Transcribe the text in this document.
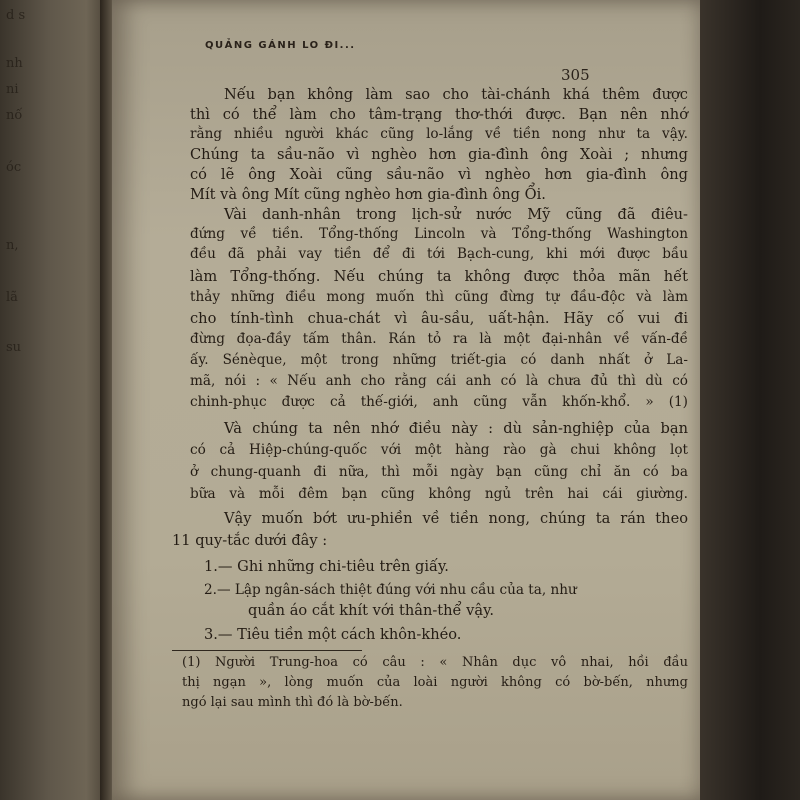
d s
nh
ni
nố
óc
n,
lã
su
QUẢNG GÁNH LO ĐI...
305
Nếu bạn không làm sao cho tài-chánh khá thêm được
thì có thể làm cho tâm-trạng thơ-thới được. Bạn nên nhớ
rằng nhiều người khác cũng lo-lắng về tiền nong như ta vậy.
Chúng ta sầu-não vì nghèo hơn gia-đình ông Xoài ; nhưng
có lẽ ông Xoài cũng sầu-não vì nghèo hơn gia-đình ông
Mít và ông Mít cũng nghèo hơn gia-đình ông Ổi.
Vài danh-nhân trong lịch-sử nước Mỹ cũng đã điêu-
đứng về tiền. Tổng-thống Lincoln và Tổng-thống Washington
đều đã phải vay tiền để đi tới Bạch-cung, khi mới được bầu
làm Tổng-thống. Nếu chúng ta không được thỏa mãn hết
thảy những điều mong muốn thì cũng đừng tự đầu-độc và làm
cho tính-tình chua-chát vì âu-sầu, uất-hận. Hãy cố vui đi
đừng đọa-đầy tấm thân. Rán tỏ ra là một đại-nhân về vấn-đề
ấy. Sénèque, một trong những triết-gia có danh nhất ở La-
mã, nói : « Nếu anh cho rằng cái anh có là chưa đủ thì dù có
chinh-phục được cả thế-giới, anh cũng vẫn khốn-khổ. » (1)
Và chúng ta nên nhớ điều này : dù sản-nghiệp của bạn
có cả Hiệp-chúng-quốc với một hàng rào gà chui không lọt
ở chung-quanh đi nữa, thì mỗi ngày bạn cũng chỉ ăn có ba
bữa và mỗi đêm bạn cũng không ngủ trên hai cái giường.
Vậy muốn bớt ưu-phiền về tiền nong, chúng ta rán theo
11 quy-tắc dưới đây :
1.— Ghi những chi-tiêu trên giấy.
2.— Lập ngân-sách thiệt đúng với nhu cầu của ta, như
quần áo cắt khít với thân-thể vậy.
3.— Tiêu tiền một cách khôn-khéo.
(1) Người Trung-hoa có câu : « Nhân dục vô nhai, hồi đầu
thị ngạn », lòng muốn của loài người không có bờ-bến, nhưng
ngó lại sau mình thì đó là bờ-bến.
